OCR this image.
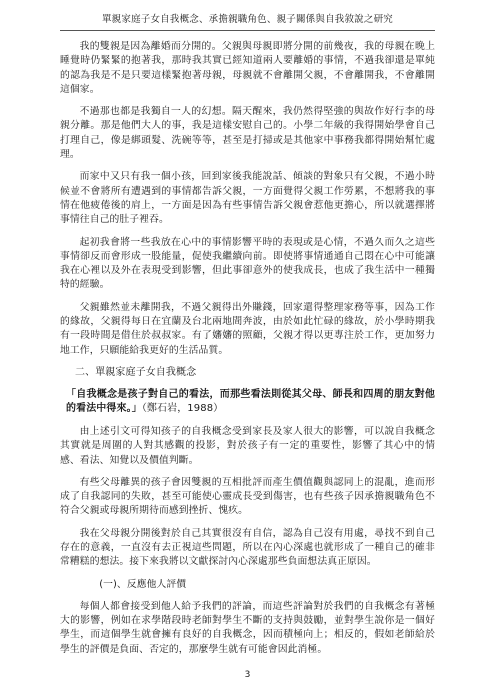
單親家庭子女自我概念、承擔親職角色、親子關係與自我敘說之研究

我的雙親是因為離婚而分開的。父親與母親即將分開的前幾夜，我的母親在晚上睡覺時仍緊緊的抱著我，那時我其實已經知道兩人要離婚的事情，不過我卻還是單純的認為我是不是只要這樣緊抱著母親，母親就不會離開父親，不會離開我，不會離開這個家。

不過那也都是我獨自一人的幻想。隔天醒來，我仍然得堅強的與故作好行李的母親分離。那是他們大人的事，我是這樣安慰自己的。小學二年級的我得開始學會自己打理自己，像是綁頭髮、洗碗等等，甚至是打掃或是其他家中事務我都得開始幫忙處理。

而家中又只有我一個小孩，回到家後我能說話、傾談的對象只有父親，不過小時候並不會將所有遭遇到的事情都告訴父親，一方面覺得父親工作勞累，不想將我的事情在他疲倦後的肩上，一方面是因為有些事情告訴父親會惹他更擔心，所以就選擇將事情往自己的肚子裡吞。

起初我會將一些我放在心中的事情影響平時的表現或是心情，不過久而久之這些事情卻反而會形成一股能量，促使我繼續向前。即使將事情通通自己悶在心中可能讓我在心裡以及外在表現受到影響，但此事卻意外的使我成長，也成了我生活中一種獨特的經驗。

父親雖然並未離開我，不過父親得出外賺錢，回家還得整理家務等事，因為工作的緣故，父親得每日在宜蘭及台北兩地間奔波，由於如此忙碌的緣故，於小學時期我有一段時間是借住於叔叔家。有了嬸嬸的照顧，父親才得以更專注於工作，更加努力地工作，只願能給我更好的生活品質。

二、單親家庭子女自我概念

「自我概念是孩子對自己的看法，而那些看法則從其父母、師長和四周的朋友對他的看法中得來。」（鄭石岩，1988）

由上述引文可得知孩子的自我概念受到家長及家人很大的影響，可以說自我概念其實就是周圍的人對其感觀的投影，對於孩子有一定的重要性，影響了其心中的情感、看法、知覺以及價值判斷。

有些父母離異的孩子會因雙親的互相批評而產生價值觀與認同上的混亂，進而形成了自我認同的失敗，甚至可能使心靈成長受到傷害，也有些孩子因承擔親職角色不符合父親或母親所期待而感到挫折、愧疚。

我在父母親分開後對於自己其實很沒有自信，認為自己沒有用處，尋找不到自己存在的意義，一直沒有去正視這些問題，所以在內心深處也就形成了一種自己的確非常糟糕的想法。接下來我將以文獻探討內心深處那些負面想法真正原因。

(一)、反應他人評價

每個人都會接受到他人給予我們的評論，而這些評論對於我們的自我概念有著極大的影響，例如在求學階段時老師對學生不斷的支持與鼓勵，並對學生說你是一個好學生，而這個學生就會擁有良好的自我概念，因而積極向上；相反的，假如老師給於學生的評價是負面、否定的，那麼學生就有可能會因此消極。

3
